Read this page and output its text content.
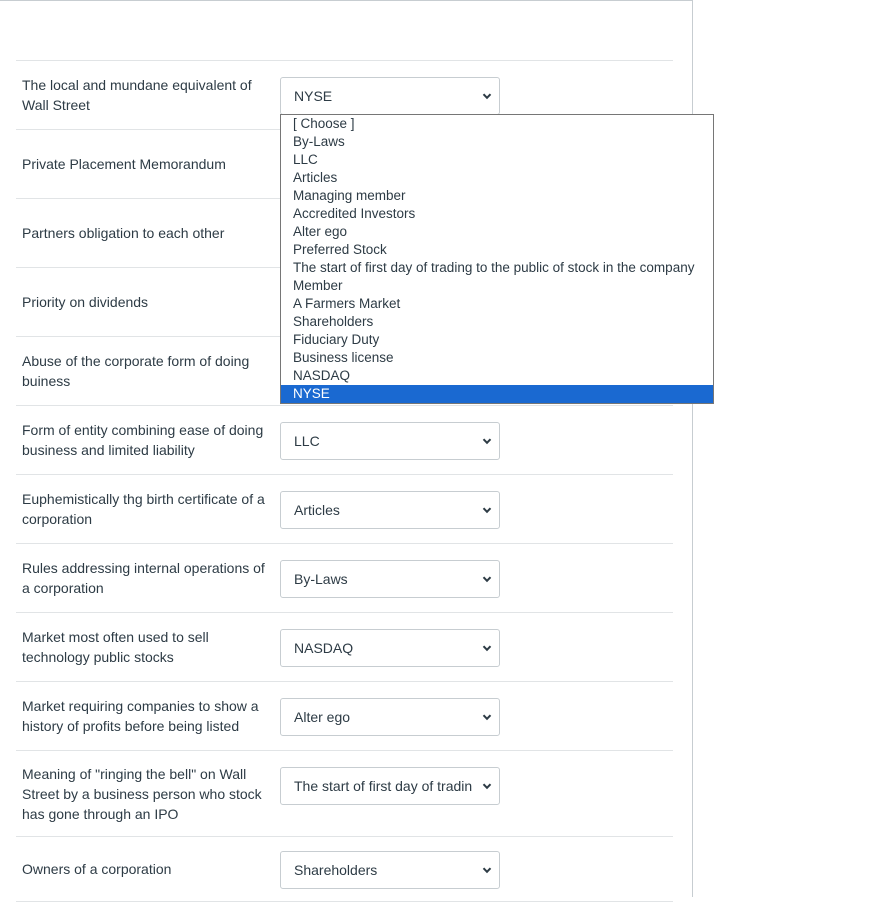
The local and mundane equivalent of Wall Street
NYSE
Private Placement Memorandum
Partners obligation to each other
Priority on dividends
Abuse of the corporate form of doing buiness
Form of entity combining ease of doing business and limited liability
LLC
Euphemistically thg birth certificate of a corporation
Articles
Rules addressing internal operations of a corporation
By-Laws
Market most often used to sell technology public stocks
NASDAQ
Market requiring companies to show a history of profits before being listed
Alter ego
Meaning of "ringing the bell" on Wall Street by a business person who stock has gone through an IPO
The start of first day of tradin
Owners of a corporation	Shareholders
[ Choose ]
By-Laws
LLC
Articles
Managing member
Accredited Investors
Alter ego
Preferred Stock
The start of first day of trading to the public of stock in the company
Member
A Farmers Market
Shareholders
Fiduciary Duty
Business license
NASDAQ
NYSE
